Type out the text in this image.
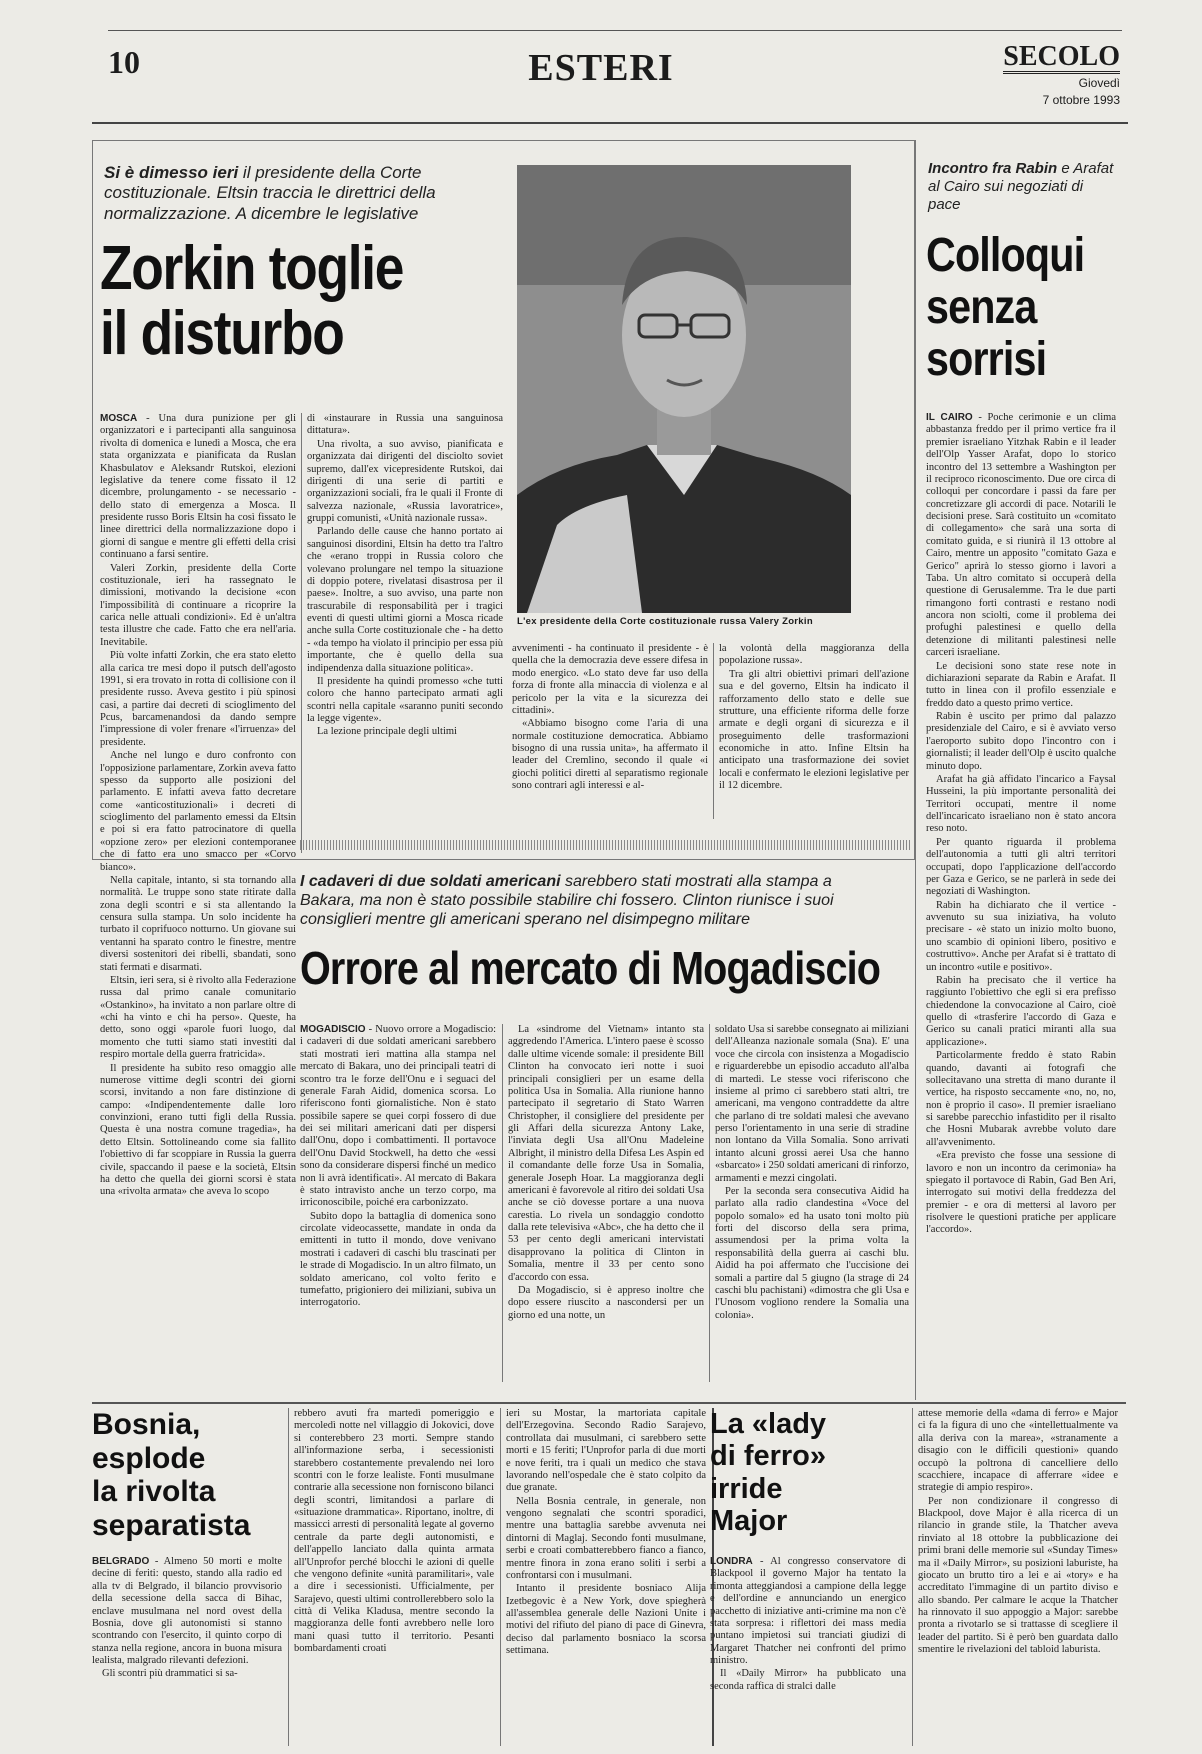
10	ESTERI	SECOLO
Giovedì
7 ottobre 1993
Si è dimesso ieri il presidente della Corte costituzionale. Eltsin traccia le direttrici della normalizzazione. A dicembre le legislative
Zorkin toglie
il disturbo

MOSCA - Una dura punizione per gli organizzatori e i partecipanti alla sanguinosa rivolta di domenica e lunedì a Mosca, che era stata organizzata e pianificata da Ruslan Khasbulatov e Aleksandr Rutskoi, elezioni legislative da tenere come fissato il 12 dicembre, prolungamento - se necessario - dello stato di emergenza a Mosca. Il presidente russo Boris Eltsin ha così fissato le linee direttrici della normalizzazione dopo i giorni di sangue e mentre gli effetti della crisi continuano a farsi sentire.

Valeri Zorkin, presidente della Corte costituzionale, ieri ha rassegnato le dimissioni, motivando la decisione «con l'impossibilità di continuare a ricoprire la carica nelle attuali condizioni». Ed è un'altra testa illustre che cade. Fatto che era nell'aria. Inevitabile.

Più volte infatti Zorkin, che era stato eletto alla carica tre mesi dopo il putsch dell'agosto 1991, si era trovato in rotta di collisione con il presidente russo. Aveva gestito i più spinosi casi, a partire dai decreti di scioglimento del Pcus, barcamenandosi da dando sempre l'impressione di voler frenare «l'irruenza» del presidente.

Anche nel lungo e duro confronto con l'opposizione parlamentare, Zorkin aveva fatto spesso da supporto alle posizioni del parlamento. E infatti aveva fatto decretare come «anticostituzionali» i decreti di scioglimento del parlamento emessi da Eltsin e poi si era fatto patrocinatore di quella «opzione zero» per elezioni contemporanee che di fatto era uno smacco per «Corvo bianco».

Nella capitale, intanto, si sta tornando alla normalità. Le truppe sono state ritirate dalla zona degli scontri e si sta allentando la censura sulla stampa. Un solo incidente ha turbato il coprifuoco notturno. Un giovane sui ventanni ha sparato contro le finestre, mentre diversi sostenitori dei ribelli, sbandati, sono stati fermati e disarmati.

Eltsin, ieri sera, si è rivolto alla Federazione russa dal primo canale comunitario «Ostankino», ha invitato a non parlare oltre di «chi ha vinto e chi ha perso». Queste, ha detto, sono oggi «parole fuori luogo, dal momento che tutti siamo stati investiti dal respiro mortale della guerra fratricida».

Il presidente ha subito reso omaggio alle numerose vittime degli scontri dei giorni scorsi, invitando a non fare distinzione di campo: «Indipendentemente dalle loro convinzioni, erano tutti figli della Russia. Questa è una nostra comune tragedia», ha detto Eltsin. Sottolineando come sia fallito l'obiettivo di far scoppiare in Russia la guerra civile, spaccando il paese e la società, Eltsin ha detto che quella dei giorni scorsi è stata una «rivolta armata» che aveva lo scopo

di «instaurare in Russia una sanguinosa dittatura».

Una rivolta, a suo avviso, pianificata e organizzata dai dirigenti del disciolto soviet supremo, dall'ex vicepresidente Rutskoi, dai dirigenti di una serie di partiti e organizzazioni sociali, fra le quali il Fronte di salvezza nazionale, «Russia lavoratrice», gruppi comunisti, «Unità nazionale russa».

Parlando delle cause che hanno portato ai sanguinosi disordini, Eltsin ha detto tra l'altro che «erano troppi in Russia coloro che volevano prolungare nel tempo la situazione di doppio potere, rivelatasi disastrosa per il paese». Inoltre, a suo avviso, una parte non trascurabile di responsabilità per i tragici eventi di questi ultimi giorni a Mosca ricade anche sulla Corte costituzionale che - ha detto - «da tempo ha violato il principio per essa più importante, che è quello della sua indipendenza dalla situazione politica».

Il presidente ha quindi promesso «che tutti coloro che hanno partecipato armati agli scontri nella capitale «saranno puniti secondo la legge vigente».

La lezione principale degli ultimi

L'ex presidente della Corte costituzionale russa Valery Zorkin

avvenimenti - ha continuato il presidente - è quella che la democrazia deve essere difesa in modo energico. «Lo stato deve far uso della forza di fronte alla minaccia di violenza e al pericolo per la vita e la sicurezza dei cittadini».

«Abbiamo bisogno come l'aria di una normale costituzione democratica. Abbiamo bisogno di una russia unita», ha affermato il leader del Cremlino, secondo il quale «i giochi politici diretti al separatismo regionale sono contrari agli interessi e al-

la volontà della maggioranza della popolazione russa».

Tra gli altri obiettivi primari dell'azione sua e del governo, Eltsin ha indicato il rafforzamento dello stato e delle sue strutture, una efficiente riforma delle forze armate e degli organi di sicurezza e il proseguimento delle trasformazioni economiche in atto. Infine Eltsin ha anticipato una trasformazione dei soviet locali e confermato le elezioni legislative per il 12 dicembre.

Incontro fra Rabin e Arafat al Cairo sui negoziati di pace
Colloqui
senza
sorrisi

IL CAIRO - Poche cerimonie e un clima abbastanza freddo per il primo vertice fra il premier israeliano Yitzhak Rabin e il leader dell'Olp Yasser Arafat, dopo lo storico incontro del 13 settembre a Washington per il reciproco riconoscimento. Due ore circa di colloqui per concordare i passi da fare per concretizzare gli accordi di pace. Notarili le decisioni prese. Sarà costituito un «comitato di collegamento» che sarà una sorta di comitato guida, e si riunirà il 13 ottobre al Cairo, mentre un apposito "comitato Gaza e Gerico" aprirà lo stesso giorno i lavori a Taba. Un altro comitato si occuperà della questione di Gerusalemme. Tra le due parti rimangono forti contrasti e restano nodi ancora non sciolti, come il problema dei profughi palestinesi e quello della detenzione di militanti palestinesi nelle carceri israeliane.

Le decisioni sono state rese note in dichiarazioni separate da Rabin e Arafat. Il tutto in linea con il profilo essenziale e freddo dato a questo primo vertice.

Rabin è uscito per primo dal palazzo presidenziale del Cairo, e si è avviato verso l'aeroporto subito dopo l'incontro con i giornalisti; il leader dell'Olp è uscito qualche minuto dopo.

Arafat ha già affidato l'incarico a Faysal Husseini, la più importante personalità dei Territori occupati, mentre il nome dell'incaricato israeliano non è stato ancora reso noto.

Per quanto riguarda il problema dell'autonomia a tutti gli altri territori occupati, dopo l'applicazione dell'accordo per Gaza e Gerico, se ne parlerà in sede dei negoziati di Washington.

Rabin ha dichiarato che il vertice - avvenuto su sua iniziativa, ha voluto precisare - «è stato un inizio molto buono, uno scambio di opinioni libero, positivo e costruttivo». Anche per Arafat si è trattato di un incontro «utile e positivo».

Rabin ha precisato che il vertice ha raggiunto l'obiettivo che egli si era prefisso chiedendone la convocazione al Cairo, cioè quello di «trasferire l'accordo di Gaza e Gerico su canali pratici miranti alla sua applicazione».

Particolarmente freddo è stato Rabin quando, davanti ai fotografi che sollecitavano una stretta di mano durante il vertice, ha risposto seccamente «no, no, no, non è proprio il caso». Il premier israeliano si sarebbe parecchio infastidito per il risalto che Hosni Mubarak avrebbe voluto dare all'avvenimento.

«Era previsto che fosse una sessione di lavoro e non un incontro da cerimonia» ha spiegato il portavoce di Rabin, Gad Ben Ari, interrogato sui motivi della freddezza del premier - e ora di mettersi al lavoro per risolvere le questioni pratiche per applicare l'accordo».

I cadaveri di due soldati americani sarebbero stati mostrati alla stampa a Bakara, ma non è stato possibile stabilire chi fossero. Clinton riunisce i suoi consiglieri mentre gli americani sperano nel disimpegno militare
Orrore al mercato di Mogadiscio

MOGADISCIO - Nuovo orrore a Mogadiscio: i cadaveri di due soldati americani sarebbero stati mostrati ieri mattina alla stampa nel mercato di Bakara, uno dei principali teatri di scontro tra le forze dell'Onu e i seguaci del generale Farah Aidid, domenica scorsa. Lo riferiscono fonti giornalistiche. Non è stato possibile sapere se quei corpi fossero di due dei sei militari americani dati per dispersi dall'Onu, dopo i combattimenti. Il portavoce dell'Onu David Stockwell, ha detto che «essi sono da considerare dispersi finché un medico non li avrà identificati». Al mercato di Bakara è stato intravisto anche un terzo corpo, ma irriconoscibile, poiché era carbonizzato.

Subito dopo la battaglia di domenica sono circolate videocassette, mandate in onda da emittenti in tutto il mondo, dove venivano mostrati i cadaveri di caschi blu trascinati per le strade di Mogadiscio. In un altro filmato, un soldato americano, col volto ferito e tumefatto, prigioniero dei miliziani, subiva un interrogatorio.

La «sindrome del Vietnam» intanto sta aggredendo l'America. L'intero paese è scosso dalle ultime vicende somale: il presidente Bill Clinton ha convocato ieri notte i suoi principali consiglieri per un esame della politica Usa in Somalia. Alla riunione hanno partecipato il segretario di Stato Warren Christopher, il consigliere del presidente per gli Affari della sicurezza Antony Lake, l'inviata degli Usa all'Onu Madeleine Albright, il ministro della Difesa Les Aspin ed il comandante delle forze Usa in Somalia, generale Joseph Hoar. La maggioranza degli americani è favorevole al ritiro dei soldati Usa anche se ciò dovesse portare a una nuova carestia. Lo rivela un sondaggio condotto dalla rete televisiva «Abc», che ha detto che il 53 per cento degli americani intervistati disapprovano la politica di Clinton in Somalia, mentre il 33 per cento sono d'accordo con essa.

Da Mogadiscio, si è appreso inoltre che dopo essere riuscito a nascondersi per un giorno ed una notte, un

soldato Usa si sarebbe consegnato ai miliziani dell'Alleanza nazionale somala (Sna). E' una voce che circola con insistenza a Mogadiscio e riguarderebbe un episodio accaduto all'alba di martedì. Le stesse voci riferiscono che insieme al primo ci sarebbero stati altri, tre americani, ma vengono contraddette da altre che parlano di tre soldati malesi che avevano perso l'orientamento in una serie di stradine non lontano da Villa Somalia. Sono arrivati intanto alcuni grossi aerei Usa che hanno «sbarcato» i 250 soldati americani di rinforzo, armamenti e mezzi cingolati.

Per la seconda sera consecutiva Aidid ha parlato alla radio clandestina «Voce del popolo somalo» ed ha usato toni molto più forti del discorso della sera prima, assumendosi per la prima volta la responsabilità della guerra ai caschi blu. Aidid ha poi affermato che l'uccisione dei somali a partire dal 5 giugno (la strage di 24 caschi blu pachistani) «dimostra che gli Usa e l'Unosom vogliono rendere la Somalia una colonia».

Bosnia,
esplode
la rivolta
separatista

BELGRADO - Almeno 50 morti e molte decine di feriti: questo, stando alla radio ed alla tv di Belgrado, il bilancio provvisorio della secessione della sacca di Bihac, enclave musulmana nel nord ovest della Bosnia, dove gli autonomisti si stanno scontrando con l'esercito, il quinto corpo di stanza nella regione, ancora in buona misura lealista, malgrado rilevanti defezioni.

Gli scontri più drammatici si sa-

rebbero avuti fra martedì pomeriggio e mercoledì notte nel villaggio di Jokovici, dove si conterebbero 23 morti. Sempre stando all'informazione serba, i secessionisti starebbero costantemente prevalendo nei loro scontri con le forze lealiste. Fonti musulmane contrarie alla secessione non forniscono bilanci degli scontri, limitandosi a parlare di «situazione drammatica». Riportano, inoltre, di massicci arresti di personalità legate al governo centrale da parte degli autonomisti, e dell'appello lanciato dalla quinta armata all'Unprofor perché blocchi le azioni di quelle che vengono definite «unità paramilitari», vale a dire i secessionisti. Ufficialmente, per Sarajevo, questi ultimi controllerebbero solo la città di Velika Kladusa, mentre secondo la maggioranza delle fonti avrebbero nelle loro mani quasi tutto il territorio. Pesanti bombardamenti croati

ieri su Mostar, la martoriata capitale dell'Erzegovina. Secondo Radio Sarajevo, controllata dai musulmani, ci sarebbero sette morti e 15 feriti; l'Unprofor parla di due morti e nove feriti, tra i quali un medico che stava lavorando nell'ospedale che è stato colpito da due granate.

Nella Bosnia centrale, in generale, non vengono segnalati che scontri sporadici, mentre una battaglia sarebbe avvenuta nei dintorni di Maglaj. Secondo fonti musulmane, serbi e croati combatterebbero fianco a fianco, mentre finora in zona erano soliti i serbi a confrontarsi con i musulmani.

Intanto il presidente bosniaco Alija Izetbegovic è a New York, dove spiegherà all'assemblea generale delle Nazioni Unite i motivi del rifiuto del piano di pace di Ginevra, deciso dal parlamento bosniaco la scorsa settimana.

La «lady
di ferro»
irride
Major

LONDRA - Al congresso conservatore di Blackpool il governo Major ha tentato la rimonta atteggiandosi a campione della legge e dell'ordine e annunciando un energico pacchetto di iniziative anti-crimine ma non c'è stata sorpresa: i riflettori dei mass media puntano impietosi sui tranciati giudizi di Margaret Thatcher nei confronti del primo ministro.

Il «Daily Mirror» ha pubblicato una seconda raffica di stralci dalle

attese memorie della «dama di ferro» e Major ci fa la figura di uno che «intellettualmente va alla deriva con la marea», «stranamente a disagio con le difficili questioni» quando occupò la poltrona di cancelliere dello scacchiere, incapace di afferrare «idee e strategie di ampio respiro».

Per non condizionare il congresso di Blackpool, dove Major è alla ricerca di un rilancio in grande stile, la Thatcher aveva rinviato al 18 ottobre la pubblicazione dei primi brani delle memorie sul «Sunday Times» ma il «Daily Mirror», su posizioni laburiste, ha giocato un brutto tiro a lei e ai «tory» e ha accreditato l'immagine di un partito diviso e allo sbando. Per calmare le acque la Thatcher ha rinnovato il suo appoggio a Major: sarebbe pronta a rivotarlo se si trattasse di scegliere il leader del partito. Si è però ben guardata dallo smentire le rivelazioni del tabloid laburista.
